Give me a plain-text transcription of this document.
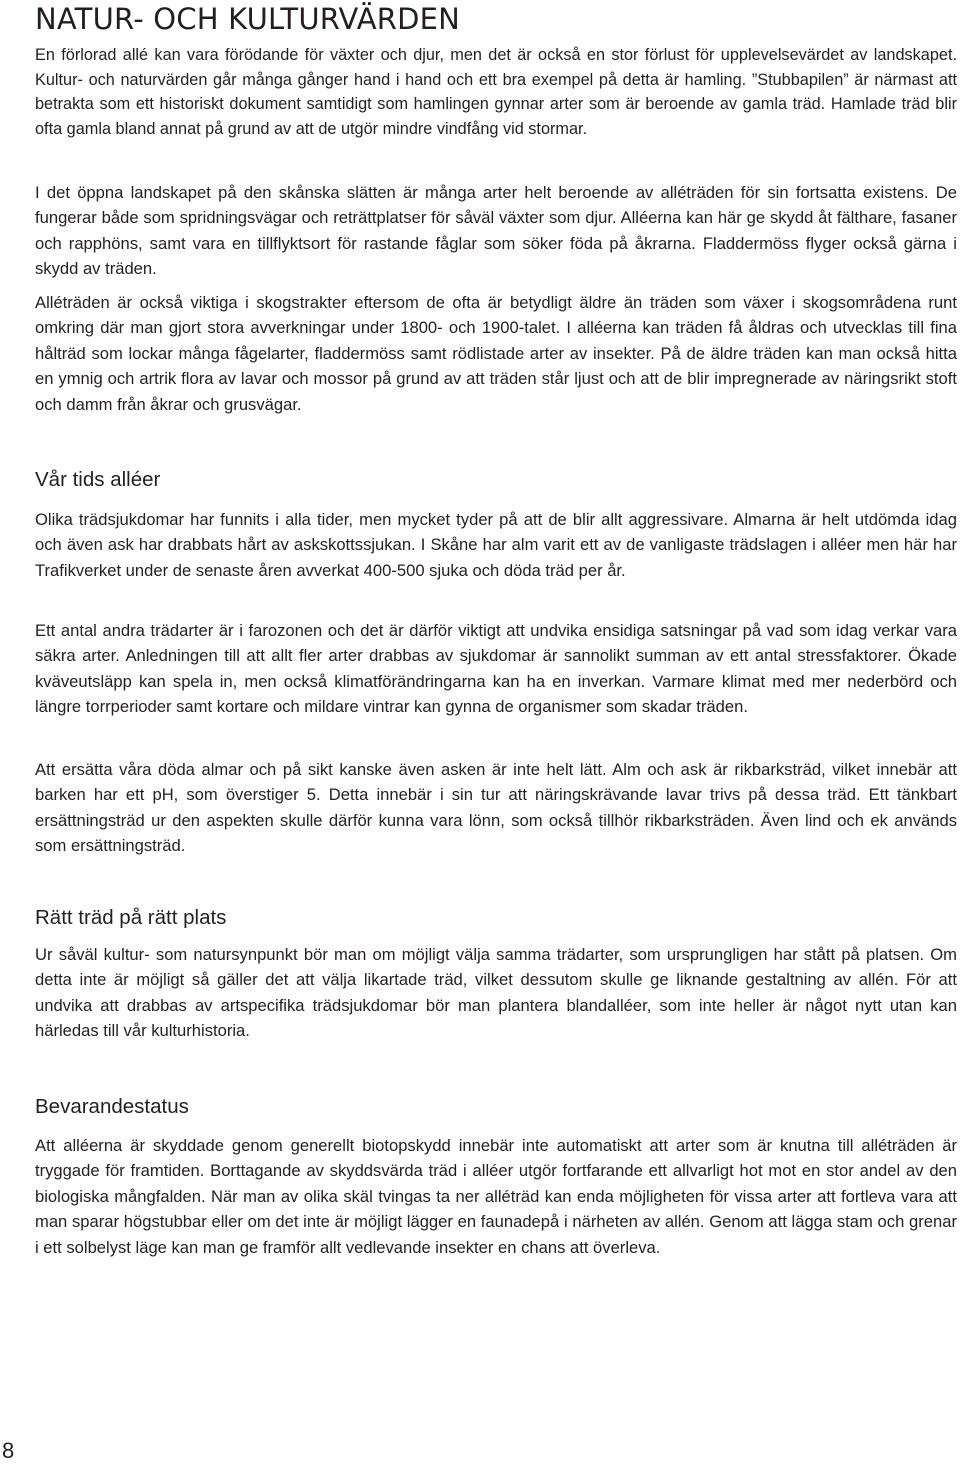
NATUR- OCH KULTURVÄRDEN

En förlorad allé kan vara förödande för växter och djur, men det är också en stor förlust för upplevelsevärdet av landskapet. Kultur- och naturvärden går många gånger hand i hand och ett bra exempel på detta är hamling. ”Stubbapilen” är närmast att betrakta som ett historiskt dokument samtidigt som hamlingen gynnar arter som är beroende av gamla träd. Hamlade träd blir ofta gamla bland annat på grund av att de utgör mindre vindfång vid stormar.

I det öppna landskapet på den skånska slätten är många arter helt beroende av alléträden för sin fortsatta existens. De fungerar både som spridningsvägar och reträttplatser för såväl växter som djur. Alléerna kan här ge skydd åt fälthare, fasaner och rapphöns, samt vara en tillflyktsort för rastande fåglar som söker föda på åkrarna. Fladdermöss flyger också gärna i skydd av träden.

Alléträden är också viktiga i skogstrakter eftersom de ofta är betydligt äldre än träden som växer i skogsområdena runt omkring där man gjort stora avverkningar under 1800- och 1900-talet. I alléerna kan träden få åldras och utvecklas till fina hålträd som lockar många fågelarter, fladdermöss samt rödlistade arter av insekter. På de äldre träden kan man också hitta en ymnig och artrik flora av lavar och mossor på grund av att träden står ljust och att de blir impregnerade av näringsrikt stoft och damm från åkrar och grusvägar.

Vår tids alléer

Olika trädsjukdomar har funnits i alla tider, men mycket tyder på att de blir allt aggressivare. Almarna är helt utdömda idag och även ask har drabbats hårt av askskottssjukan. I Skåne har alm varit ett av de vanligaste trädslagen i alléer men här har Trafikverket under de senaste åren avverkat 400-500 sjuka och döda träd per år.

Ett antal andra trädarter är i farozonen och det är därför viktigt att undvika ensidiga satsningar på vad som idag verkar vara säkra arter. Anledningen till att allt fler arter drabbas av sjukdomar är sannolikt summan av ett antal stressfaktorer. Ökade kväveutsläpp kan spela in, men också klimatförändringarna kan ha en inverkan. Varmare klimat med mer nederbörd och längre torrperioder samt kortare och mildare vintrar kan gynna de organismer som skadar träden.

Att ersätta våra döda almar och på sikt kanske även asken är inte helt lätt. Alm och ask är rikbarksträd, vilket innebär att barken har ett pH, som överstiger 5. Detta innebär i sin tur att näringskrävande lavar trivs på dessa träd. Ett tänkbart ersättningsträd ur den aspekten skulle därför kunna vara lönn, som också tillhör rikbarksträden. Även lind och ek används som ersättningsträd.

Rätt träd på rätt plats

Ur såväl kultur- som natursynpunkt bör man om möjligt välja samma trädarter, som ursprungligen har stått på platsen. Om detta inte är möjligt så gäller det att välja likartade träd, vilket dessutom skulle ge liknande gestaltning av allén. För att undvika att drabbas av artspecifika trädsjukdomar bör man plantera blandalléer, som inte heller är något nytt utan kan härledas till vår kulturhistoria.

Bevarandestatus

Att alléerna är skyddade genom generellt biotopskydd innebär inte automatiskt att arter som är knutna till alléträden är tryggade för framtiden. Borttagande av skyddsvärda träd i alléer utgör fortfarande ett allvarligt hot mot en stor andel av den biologiska mångfalden. När man av olika skäl tvingas ta ner alléträd kan enda möjligheten för vissa arter att fortleva vara att man sparar högstubbar eller om det inte är möjligt lägger en faunadepå i närheten av allén. Genom att lägga stam och grenar i ett solbelyst läge kan man ge framför allt vedlevande insekter en chans att överleva.

8
